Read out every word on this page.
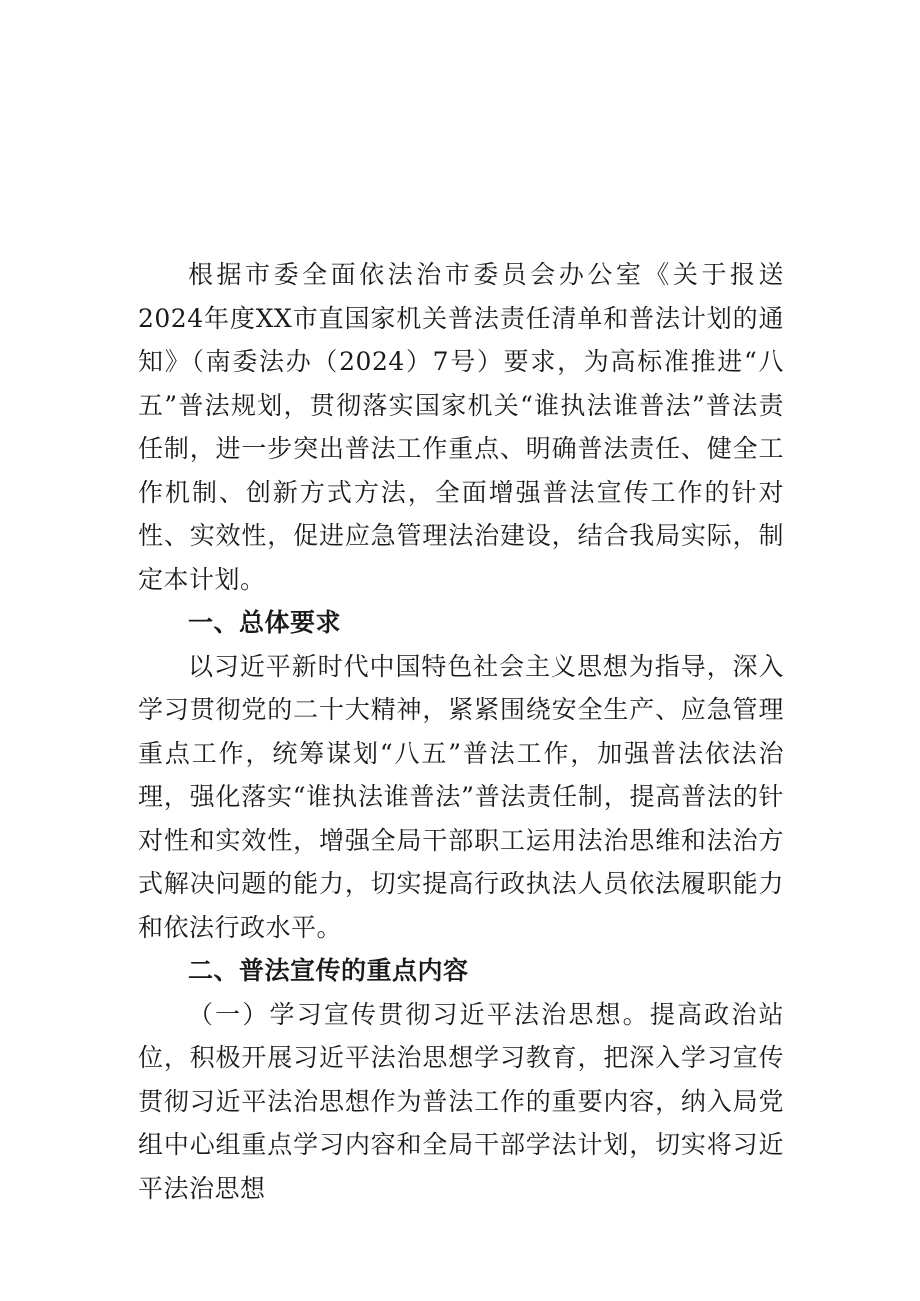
根据市委全面依法治市委员会办公室《关于报送2024年度XX市直国家机关普法责任清单和普法计划的通知》（南委法办（2024）7号）要求，为高标准推进“八五”普法规划，贯彻落实国家机关“谁执法谁普法”普法责任制，进一步突出普法工作重点、明确普法责任、健全工作机制、创新方式方法，全面增强普法宣传工作的针对性、实效性，促进应急管理法治建设，结合我局实际，制定本计划。

一、总体要求

以习近平新时代中国特色社会主义思想为指导，深入学习贯彻党的二十大精神，紧紧围绕安全生产、应急管理重点工作，统筹谋划“八五”普法工作，加强普法依法治理，强化落实“谁执法谁普法”普法责任制，提高普法的针对性和实效性，增强全局干部职工运用法治思维和法治方式解决问题的能力，切实提高行政执法人员依法履职能力和依法行政水平。

二、普法宣传的重点内容

（一）学习宣传贯彻习近平法治思想。提高政治站位，积极开展习近平法治思想学习教育，把深入学习宣传贯彻习近平法治思想作为普法工作的重要内容，纳入局党组中心组重点学习内容和全局干部学法计划，切实将习近平法治思想
